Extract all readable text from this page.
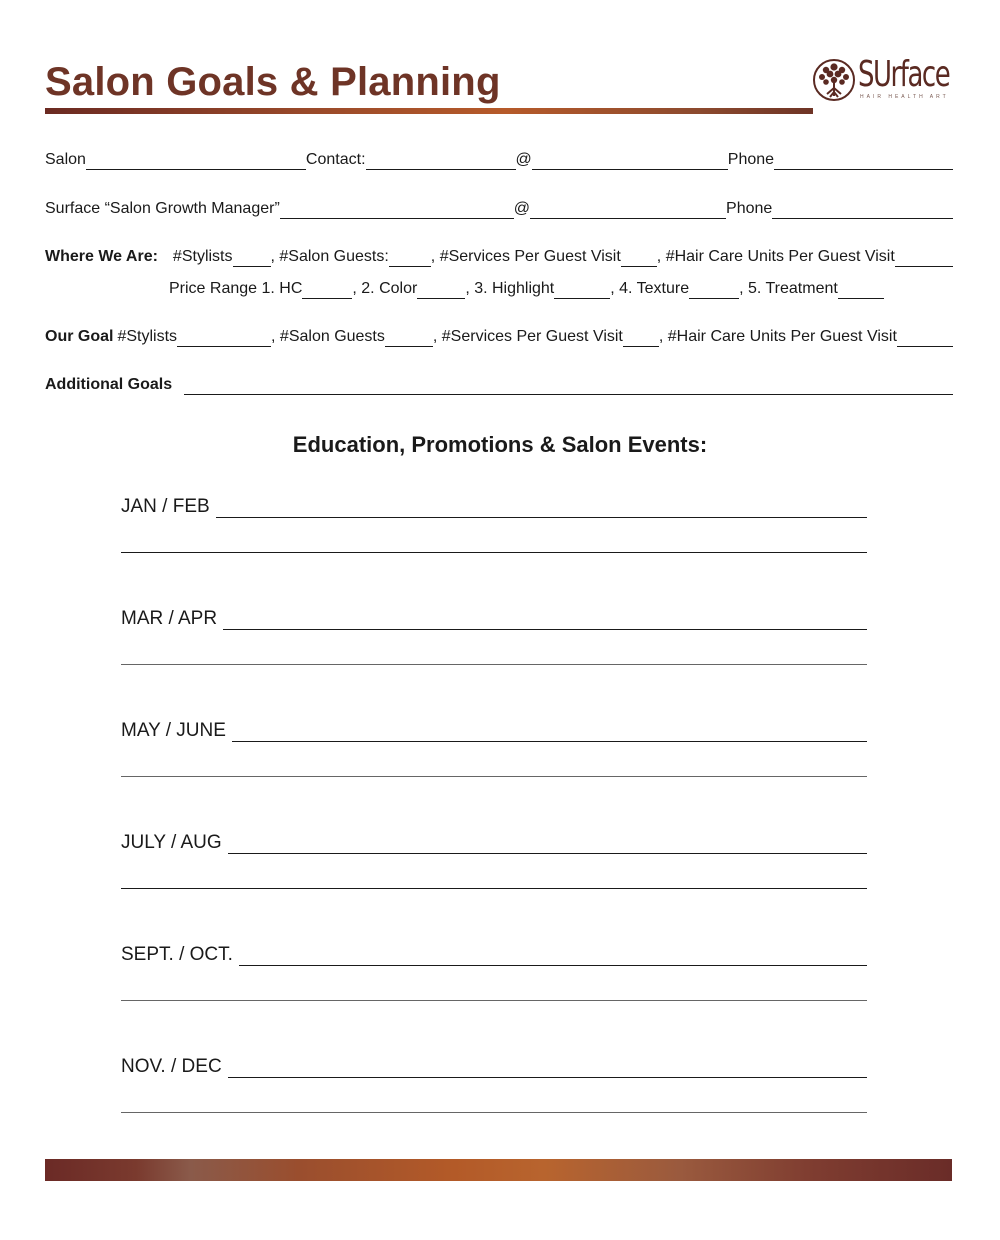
Salon Goals & Planning	SUrface
HAIR HEALTH ART
Salon	Contact:	@	Phone
Surface “Salon Growth Manager”	@	Phone
Where We Are: #Stylists , #Salon Guests:	, #Services Per Guest Visit , #Hair Care Units Per Guest Visit
Price Range 1. HC	, 2. Color	, 3. Highlight	, 4. Texture	, 5. Treatment
Our Goal #Stylists	, #Salon Guests	, #Services Per Guest Visit , #Hair Care Units Per Guest Visit
Additional Goals
Education, Promotions & Salon Events:
JAN / FEB
MAR / APR
MAY / JUNE
JULY / AUG
SEPT. / OCT.
NOV. / DEC
